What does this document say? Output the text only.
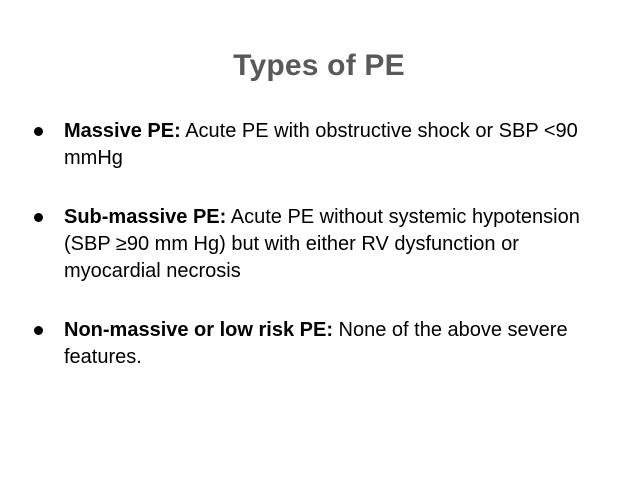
Types of PE
Massive PE: Acute PE with obstructive shock or SBP <90 mmHg
Sub-massive PE: Acute PE without systemic hypotension (SBP ≥90 mm Hg) but with either RV dysfunction or myocardial necrosis
Non-massive or low risk PE: None of the above severe features.
